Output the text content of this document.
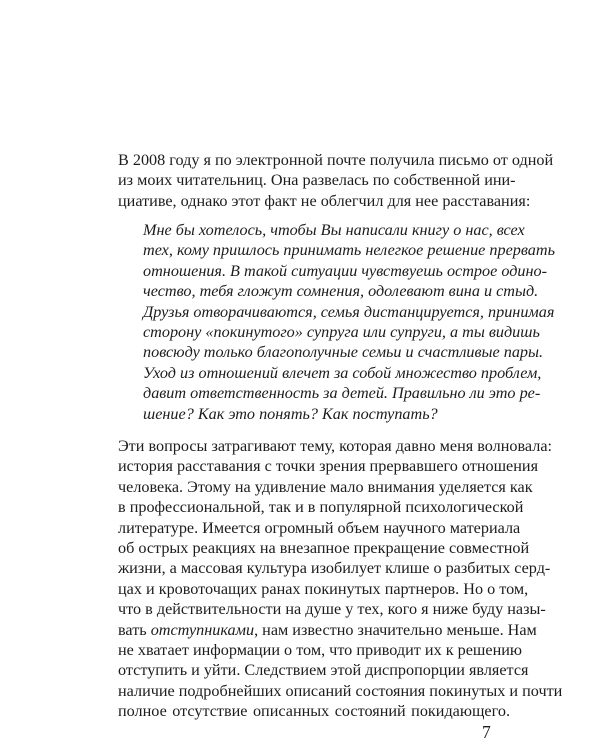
В 2008 году я по электронной почте получила письмо от одной
из моих читательниц. Она развелась по собственной ини-
циативе, однако этот факт не облегчил для нее расставания:
Мне бы хотелось, чтобы Вы написали книгу о нас, всех
тех, кому пришлось принимать нелегкое решение прервать
отношения. В такой ситуации чувствуешь острое одино-
чество, тебя гложут сомнения, одолевают вина и стыд.
Друзья отворачиваются, семья дистанцируется, принимая
сторону «покинутого» супруга или супруги, а ты видишь
повсюду только благополучные семьи и счастливые пары.
Уход из отношений влечет за собой множество проблем,
давит ответственность за детей. Правильно ли это ре-
шение? Как это понять? Как поступать?
Эти вопросы затрагивают тему, которая давно меня волновала:
история расставания с точки зрения прервавшего отношения
человека. Этому на удивление мало внимания уделяется как
в профессиональной, так и в популярной психологической
литературе. Имеется огромный объем научного материала
об острых реакциях на внезапное прекращение совместной
жизни, а массовая культура изобилует клише о разбитых серд-
цах и кровоточащих ранах покинутых партнеров. Но о том,
что в действительности на душе у тех, кого я ниже буду назы-
вать отступниками, нам известно значительно меньше. Нам
не хватает информации о том, что приводит их к решению
отступить и уйти. Следствием этой диспропорции является
наличие подробнейших описаний состояния покинутых и почти
полное отсутствие описанных состояний покидающего.
7
